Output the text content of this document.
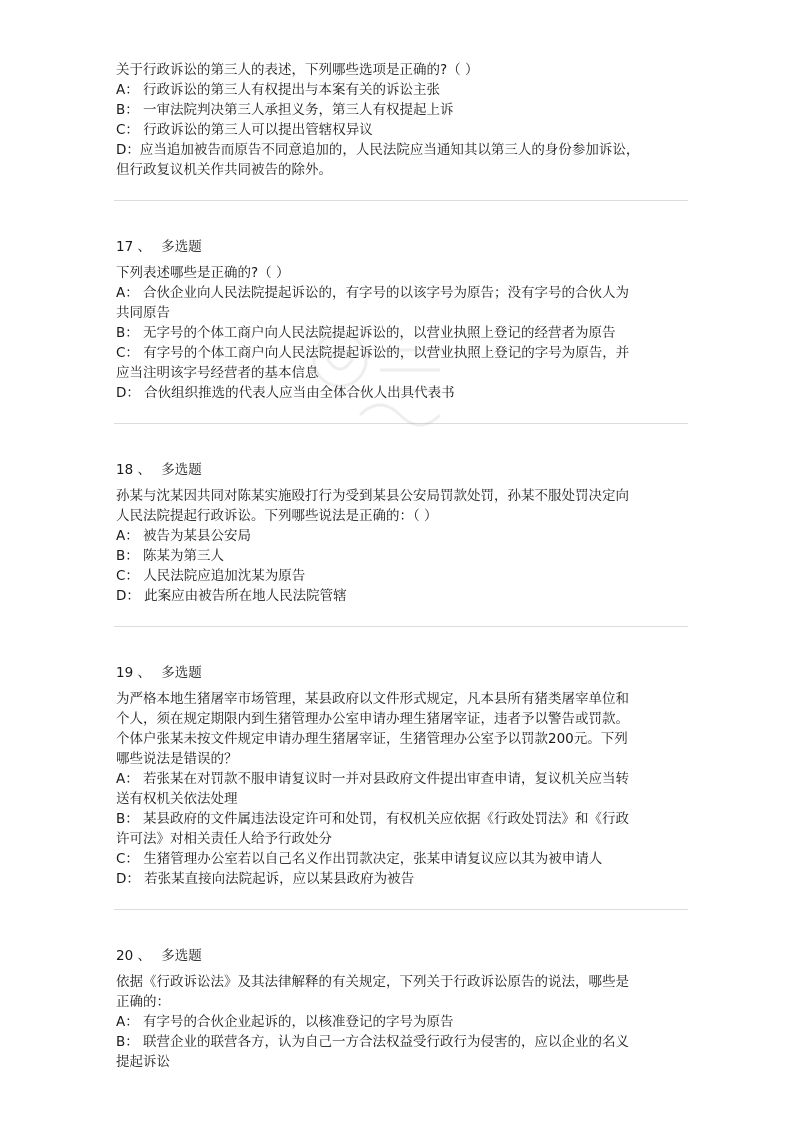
关于行政诉讼的第三人的表述，下列哪些选项是正确的?（ ）
A： 行政诉讼的第三人有权提出与本案有关的诉讼主张
B： 一审法院判决第三人承担义务，第三人有权提起上诉
C： 行政诉讼的第三人可以提出管辖权异议
D：应当追加被告而原告不同意追加的，人民法院应当通知其以第三人的身份参加诉讼，
但行政复议机关作共同被告的除外。
17 、 多选题
下列表述哪些是正确的?（ ）
A： 合伙企业向人民法院提起诉讼的，有字号的以该字号为原告；没有字号的合伙人为
共同原告
B： 无字号的个体工商户向人民法院提起诉讼的，以营业执照上登记的经营者为原告
C： 有字号的个体工商户向人民法院提起诉讼的，以营业执照上登记的字号为原告，并
应当注明该字号经营者的基本信息
D： 合伙组织推选的代表人应当由全体合伙人出具代表书
18 、 多选题
孙某与沈某因共同对陈某实施殴打行为受到某县公安局罚款处罚，孙某不服处罚决定向
人民法院提起行政诉讼。下列哪些说法是正确的：（ ）
A： 被告为某县公安局
B： 陈某为第三人
C： 人民法院应追加沈某为原告
D： 此案应由被告所在地人民法院管辖
19 、 多选题
为严格本地生猪屠宰市场管理，某县政府以文件形式规定，凡本县所有猪类屠宰单位和
个人，须在规定期限内到生猪管理办公室申请办理生猪屠宰证，违者予以警告或罚款。
个体户张某未按文件规定申请办理生猪屠宰证，生猪管理办公室予以罚款200元。下列
哪些说法是错误的？
A： 若张某在对罚款不服申请复议时一并对县政府文件提出审查申请，复议机关应当转
送有权机关依法处理
B： 某县政府的文件属违法设定许可和处罚，有权机关应依据《行政处罚法》和《行政
许可法》对相关责任人给予行政处分
C： 生猪管理办公室若以自己名义作出罚款决定，张某申请复议应以其为被申请人
D： 若张某直接向法院起诉，应以某县政府为被告
20 、 多选题
依据《行政诉讼法》及其法律解释的有关规定，下列关于行政诉讼原告的说法，哪些是
正确的：
A： 有字号的合伙企业起诉的，以核准登记的字号为原告
B： 联营企业的联营各方，认为自己一方合法权益受行政行为侵害的，应以企业的名义
提起诉讼
